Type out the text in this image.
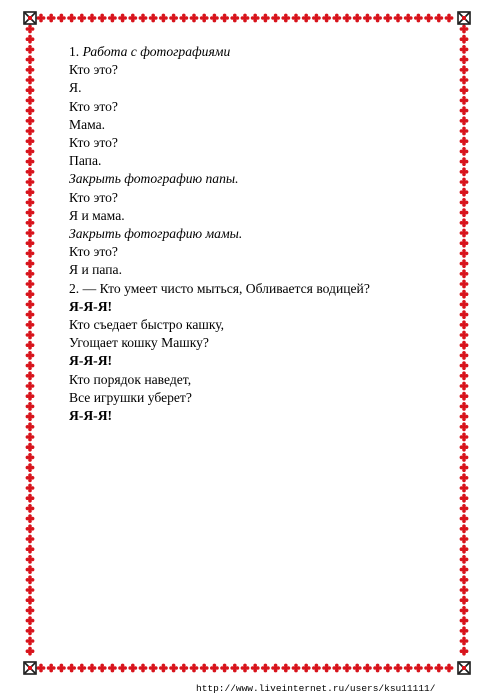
1. Работа с фотографиями
Кто это?
Я.
Кто это?
Мама.
Кто это?
Папа.
Закрыть фотографию папы.
Кто это?
Я и мама.
Закрыть фотографию мамы.
Кто это?
Я и папа.
2. — Кто умеет чисто мыться, Обливается водицей?
Я-Я-Я!
Кто съедает быстро кашку,
Угощает кошку Машку?
Я-Я-Я!
Кто порядок наведет,
Все игрушки уберет?
Я-Я-Я!
http://www.liveinternet.ru/users/ksu11111/
